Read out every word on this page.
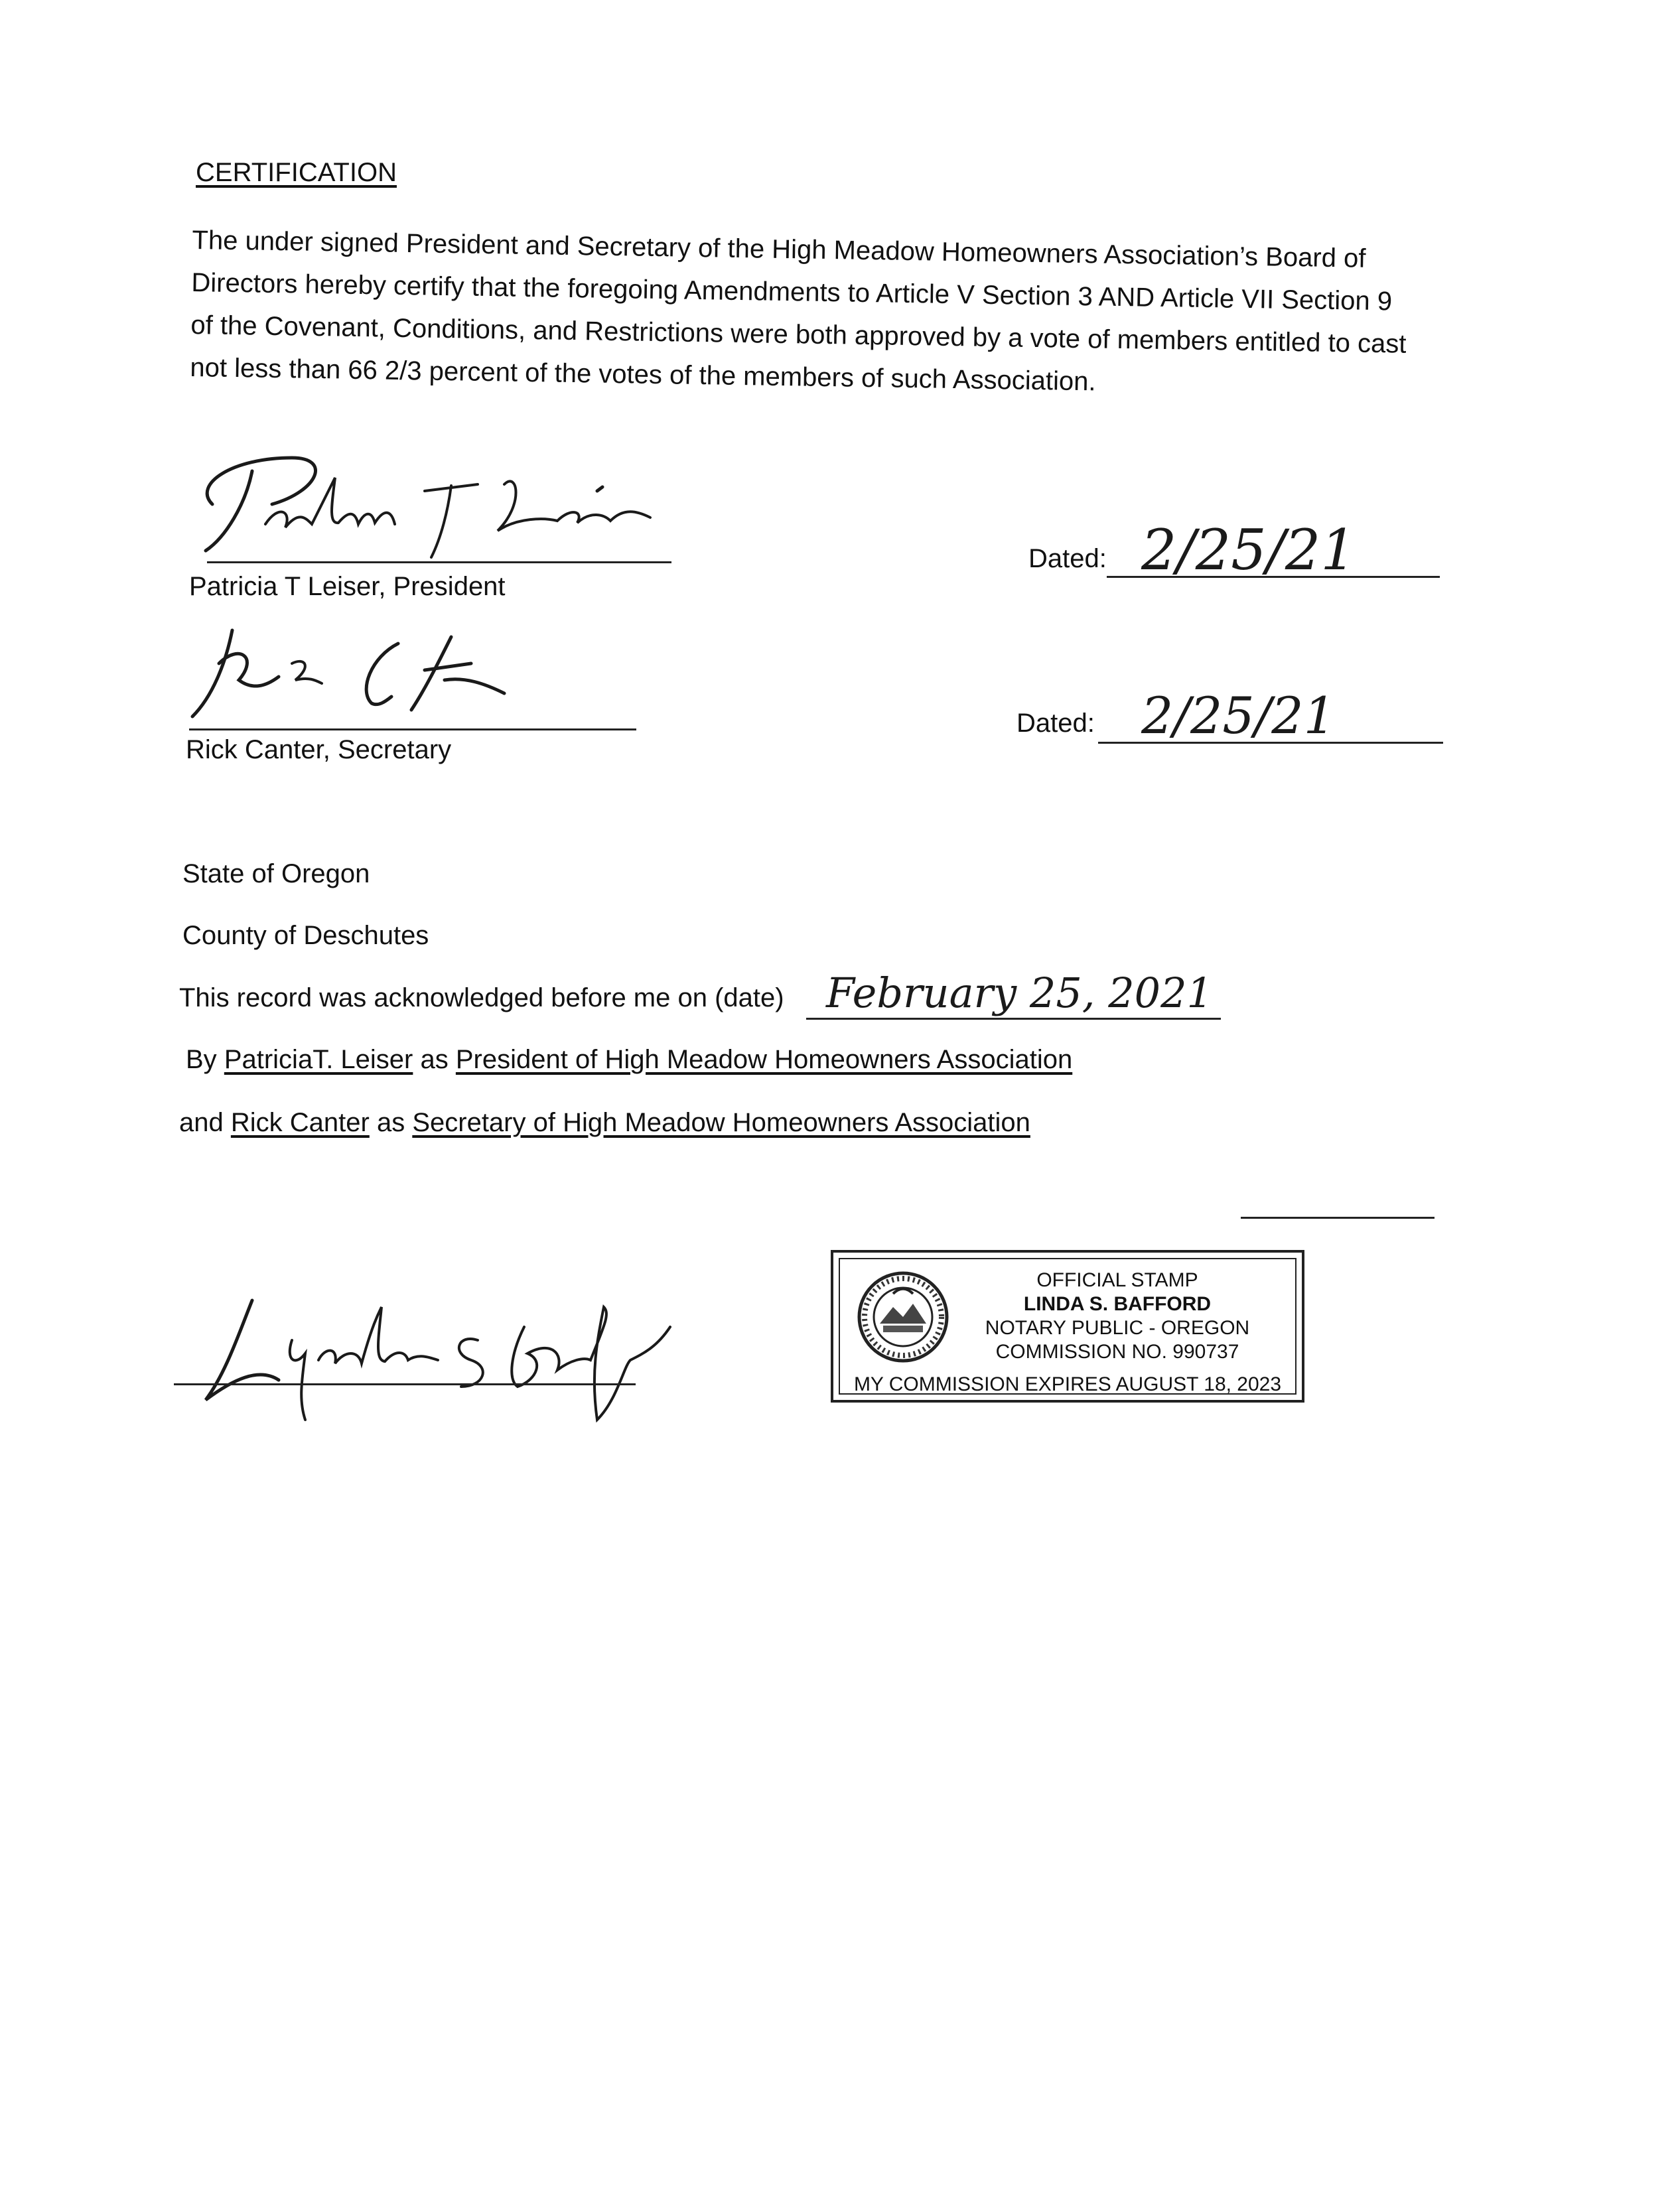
CERTIFICATION

The under signed President and Secretary of the High Meadow Homeowners Association’s Board of

Directors hereby certify that the foregoing Amendments to Article V Section 3 AND Article VII Section 9

of the Covenant, Conditions, and Restrictions were both approved by a vote of members entitled to cast

not less than 66 2/3 percent of the votes of the members of such Association.

Patricia T Leiser, President
Dated: 2/25/21
Rick Canter, Secretary
Dated: 2/25/21
State of Oregon
County of Deschutes
This record was acknowledged before me on (date) February 25, 2021
By PatriciaT. Leiser as President of High Meadow Homeowners Association
and Rick Canter as Secretary of High Meadow Homeowners Association
OFFICIAL STAMP
LINDA S. BAFFORD
NOTARY PUBLIC - OREGON
COMMISSION NO. 990737
MY COMMISSION EXPIRES AUGUST 18, 2023
